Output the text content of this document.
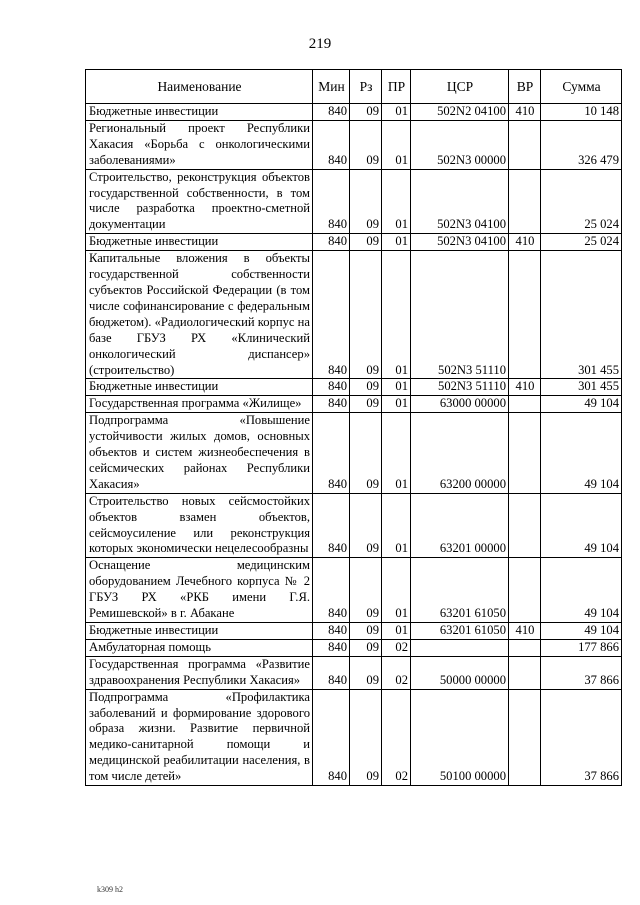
219
Наименование	Мин	Рз	ПР	ЦСР	ВР	Сумма
Бюджетные инвестиции	840	09	01	502N2 04100	410	10 148
Региональный проект Республики Хакасия «Борьба с онкологическими заболеваниями»	840	09	01	502N3 00000		326 479
Строительство, реконструкция объектов государственной собственности, в том числе разработка проектно-сметной документации	840	09	01	502N3 04100		25 024
Бюджетные инвестиции	840	09	01	502N3 04100	410	25 024
Капитальные вложения в объекты государственной собственности субъектов Российской Федерации (в том числе софинансирование с федеральным бюджетом). «Радиологический корпус на базе ГБУЗ РХ «Клинический онкологический диспансер» (строительство)	840	09	01	502N3 51110		301 455
Бюджетные инвестиции	840	09	01	502N3 51110	410	301 455
Государственная программа «Жилище»	840	09	01	63000 00000		49 104
Подпрограмма «Повышение устойчивости жилых домов, основных объектов и систем жизнеобеспечения в сейсмических районах Республики Хакасия»	840	09	01	63200 00000		49 104
Строительство новых сейсмостойких объектов взамен объектов, сейсмоусиление или реконструкция которых экономически нецелесообразны	840	09	01	63201 00000		49 104
Оснащение медицинским оборудованием Лечебного корпуса № 2 ГБУЗ РХ «РКБ имени Г.Я. Ремишевской» в г. Абакане	840	09	01	63201 61050		49 104
Бюджетные инвестиции	840	09	01	63201 61050	410	49 104
Амбулаторная помощь	840	09	02			177 866
Государственная программа «Развитие здравоохранения Республики Хакасия»	840	09	02	50000 00000		37 866
Подпрограмма «Профилактика заболеваний и формирование здорового образа жизни. Развитие первичной медико-санитарной помощи и медицинской реабилитации населения, в том числе детей»	840	09	02	50100 00000		37 866
k309 h2
